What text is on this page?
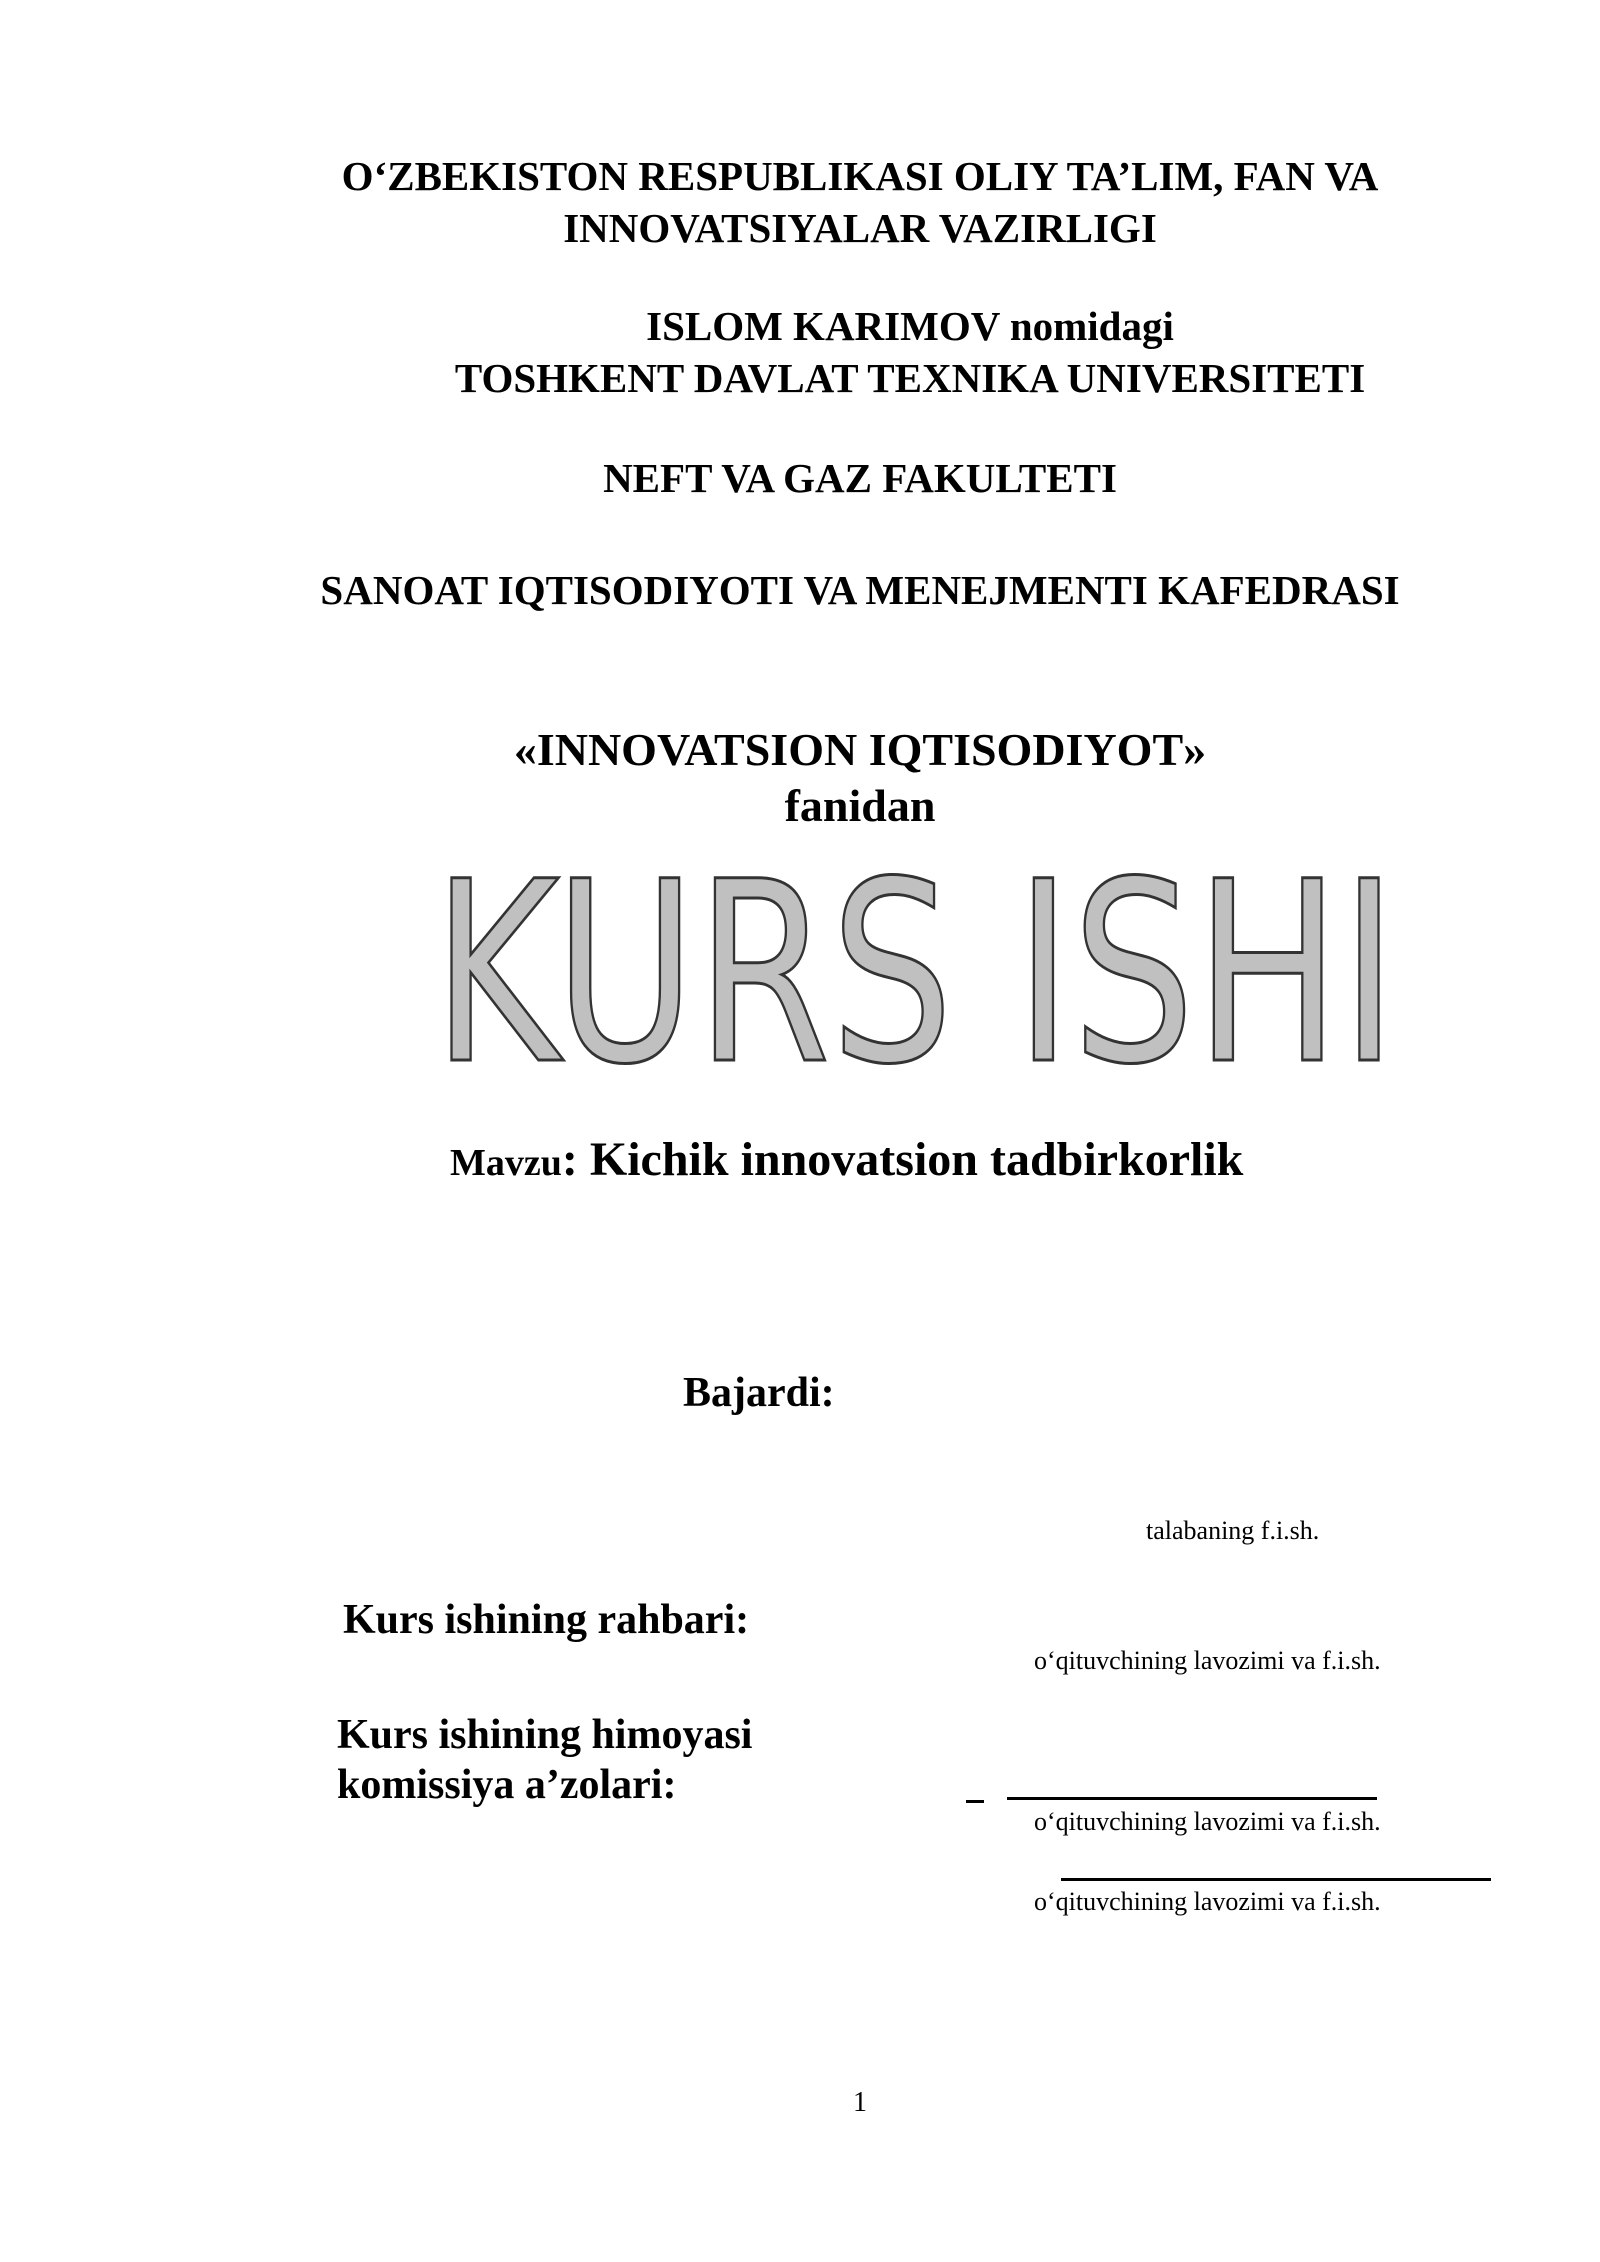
O‘ZBEKISTON RESPUBLIKASI OLIY TA’LIM, FAN VA
INNOVATSIYALAR VAZIRLIGI
ISLOM KARIMOV nomidagi
TOSHKENT DAVLAT TEXNIKA UNIVERSITETI
NEFT VA GAZ FAKULTETI
SANOAT IQTISODIYOTI VA MENEJMENTI KAFEDRASI
«INNOVATSION IQTISODIYOT»
fanidan
KURS ISHI
Mavzu: Kichik innovatsion tadbirkorlik
Bajardi:
talabaning f.i.sh.
Kurs ishining rahbari:
o‘qituvchining lavozimi va f.i.sh.
Kurs ishining himoyasi
komissiya a’zolari:
o‘qituvchining lavozimi va f.i.sh.
o‘qituvchining lavozimi va f.i.sh.
1
